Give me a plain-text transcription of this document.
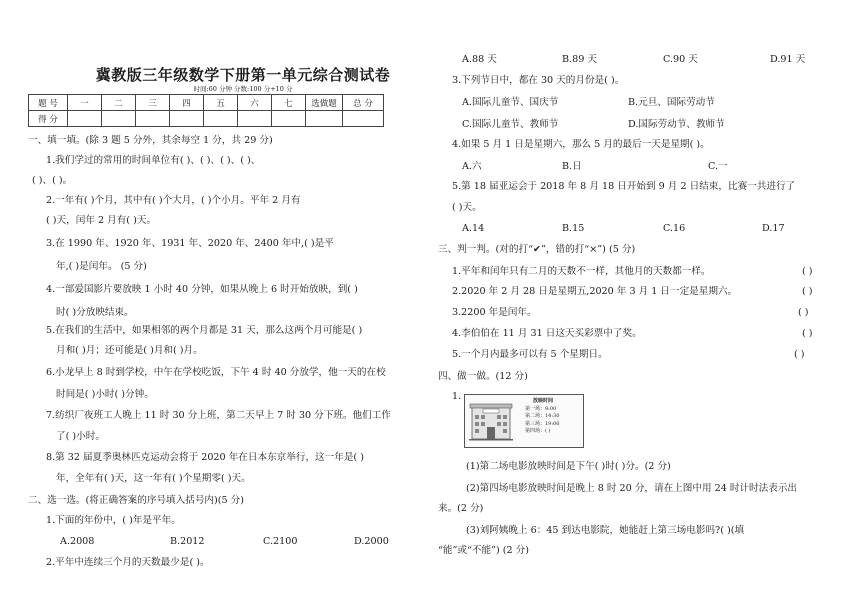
冀教版三年级数学下册第一单元综合测试卷
时间:60 分钟 分数:100 分+10 分
题 号	一	二	三	四	五	六	七	选做题	总 分
得 分									
一、填一填。(除 3 题 5 分外，其余每空 1 分，共 29 分)
1.我们学过的常用的时间单位有( )、( )、( )、( )、
( )、( )。
2.一年有( )个月，其中有( )个大月，( )个小月。平年 2 月有
( )天，闰年 2 月有( )天。
3.在 1990 年、1920 年、1931 年、2020 年、2400 年中,( )是平
年,( )是闰年。 (5 分)
4.一部爱国影片要放映 1 小时 40 分钟，如果从晚上 6 时开始放映，到( )
时( )分放映结束。
5.在我们的生活中，如果相邻的两个月都是 31 天，那么这两个月可能是( )
月和( )月；还可能是( )月和( )月。
6.小龙早上 8 时到学校，中午在学校吃饭，下午 4 时 40 分放学，他一天的在校
时间是( )小时( )分钟。
7.纺织厂夜班工人晚上 11 时 30 分上班，第二天早上 7 时 30 分下班。他们工作
了( )小时。
8.第 32 届夏季奥林匹克运动会将于 2020 年在日本东京举行，这一年是( )
年，全年有( )天，这一年有( )个星期零( )天。
二、选一选。(将正确答案的序号填入括号内)(5 分)
1.下面的年份中，( )年是平年。
A.2008	B.2012	C.2100	D.2000
2.平年中连续三个月的天数最少是( )。
A.88 天	B.89 天	C.90 天	D.91 天
3.下列节日中，都在 30 天的月份是( )。
A.国际儿童节、国庆节	B.元旦、国际劳动节
C.国际儿童节、教师节	D.国际劳动节、教师节
4.如果 5 月 1 日是星期六，那么 5 月的最后一天是星期( )。
A.六	B.日	C.一
5.第 18 届亚运会于 2018 年 8 月 18 日开始到 9 月 2 日结束，比赛一共进行了
( )天。
A.14	B.15	C.16	D.17
三、判一判。(对的打“✔”，错的打“×”) (5 分)
1.平年和闰年只有二月的天数不一样，其他月的天数都一样。	( )
2.2020 年 2 月 28 日是星期五,2020 年 3 月 1 日一定是星期六。	( )
3.2200 年是闰年。	( )
4.李伯伯在 11 月 31 日这天买彩票中了奖。	( )
5.一个月内最多可以有 5 个星期日。	( )
四、做一做。(12 分)
1.	放映时间
第一场：9:00
第二场：14:30
第三场：19:00
第四场：( )
(1)第二场电影放映时间是下午( )时( )分。(2 分)
(2)第四场电影放映时间是晚上 8 时 20 分，请在上图中用 24 时计时法表示出
来。(2 分)
(3)刘阿姨晚上 6：45 到达电影院，她能赶上第三场电影吗?( )(填
“能”或“不能”) (2 分)
